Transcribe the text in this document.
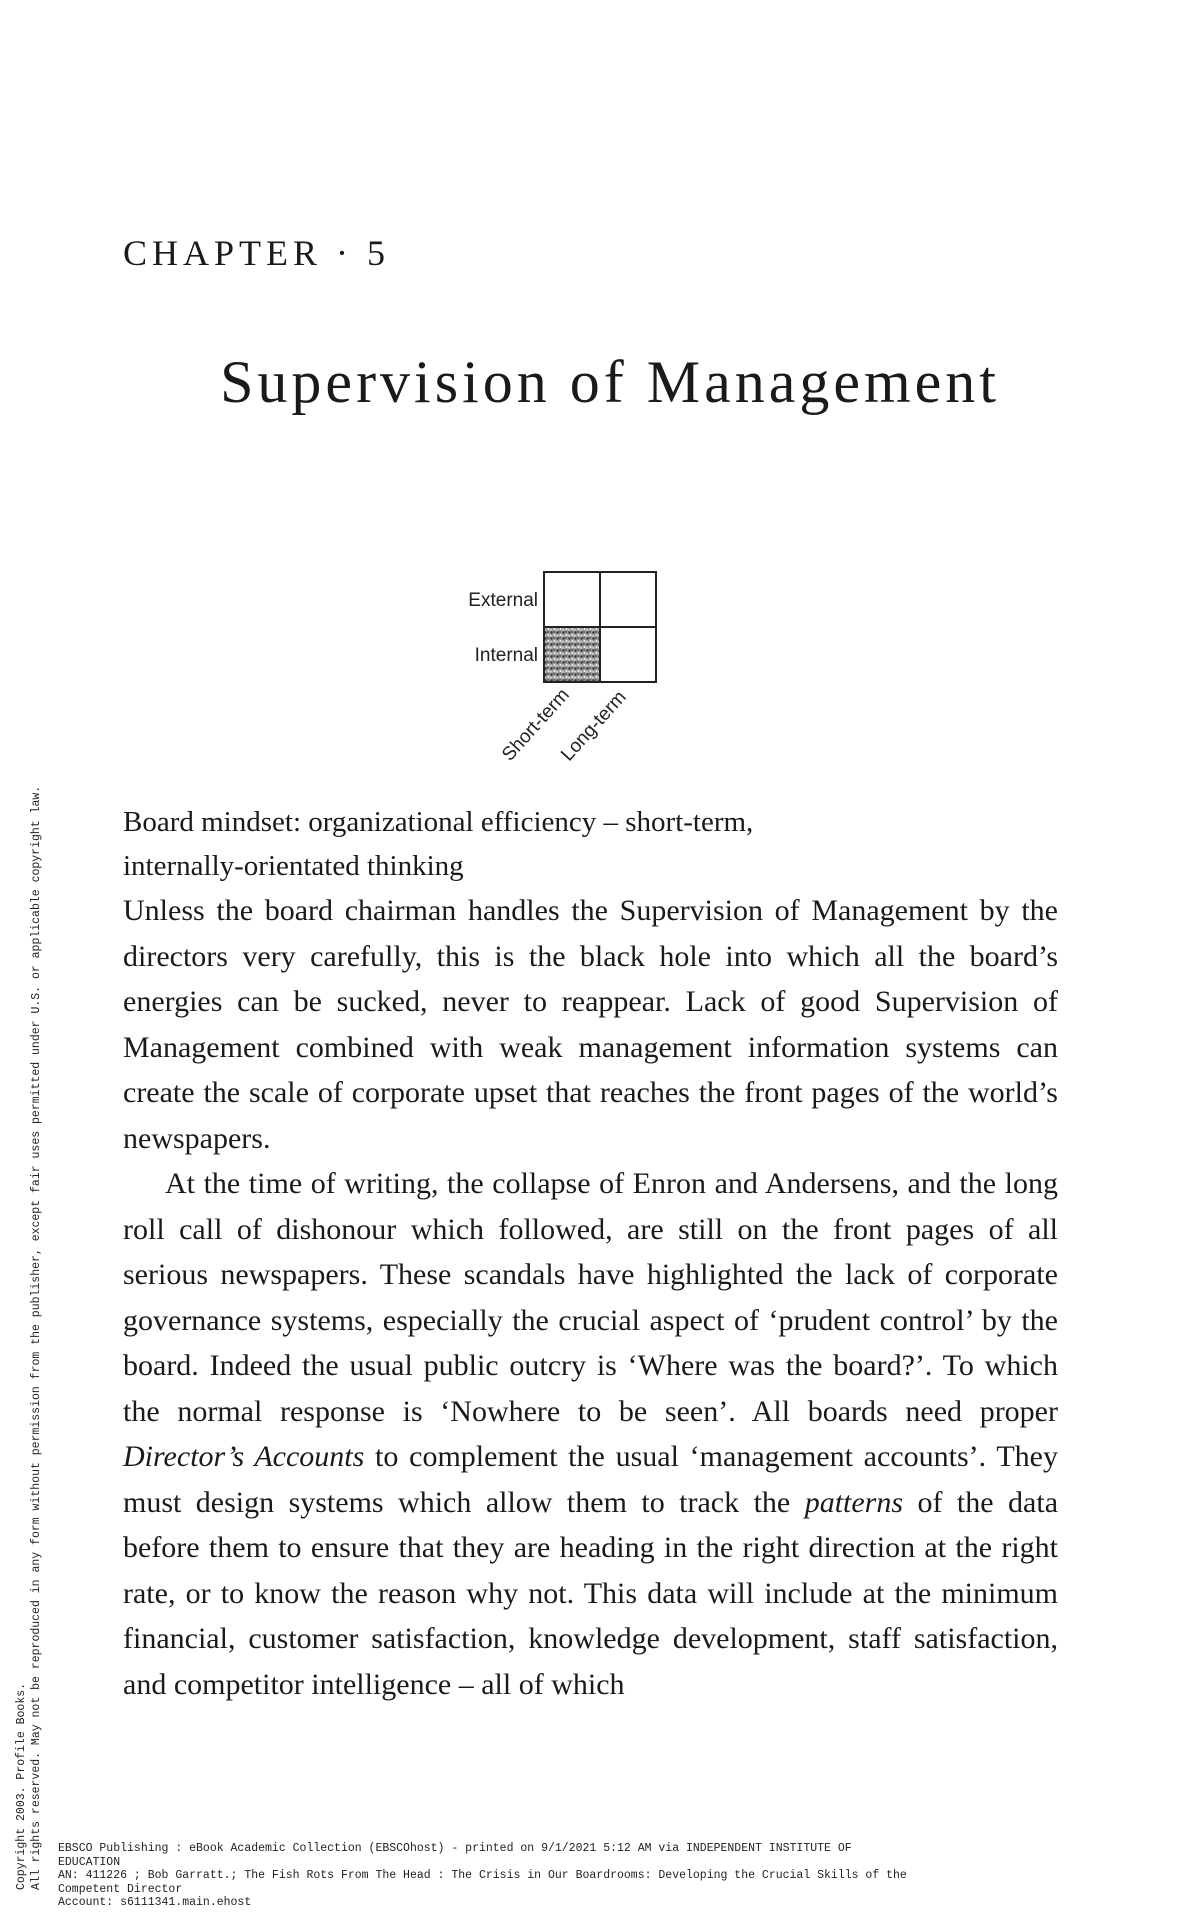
CHAPTER · 5
Supervision of Management
External
Internal
Short-term
Long-term
Board mindset: organizational efficiency – short-term,
internally-orientated thinking

Unless the board chairman handles the Supervision of Management by the directors very carefully, this is the black hole into which all the board’s energies can be sucked, never to reappear. Lack of good Supervision of Management combined with weak management information systems can create the scale of corporate upset that reaches the front pages of the world’s newspapers.

At the time of writing, the collapse of Enron and Andersens, and the long roll call of dishonour which followed, are still on the front pages of all serious newspapers. These scandals have highlighted the lack of corporate governance systems, especially the crucial aspect of ‘prudent control’ by the board. Indeed the usual public outcry is ‘Where was the board?’. To which the normal response is ‘Nowhere to be seen’. All boards need proper Director’s Accounts to complement the usual ‘management accounts’. They must design systems which allow them to track the patterns of the data before them to ensure that they are heading in the right direction at the right rate, or to know the reason why not. This data will include at the minimum financial, customer satisfaction, knowledge development, staff satisfaction, and competitor intelligence – all of which

Copyright 2003. Profile Books. All rights reserved. May not be reproduced in any form without permission from the publisher, except fair uses permitted under U.S. or applicable copyright law. EBSCO Publishing : eBook Academic Collection (EBSCOhost) - printed on 9/1/2021 5:12 AM via INDEPENDENT INSTITUTE OF
EDUCATION
AN: 411226 ; Bob Garratt.; The Fish Rots From The Head : The Crisis in Our Boardrooms: Developing the Crucial Skills of the
Competent Director
Account: s6111341.main.ehost
